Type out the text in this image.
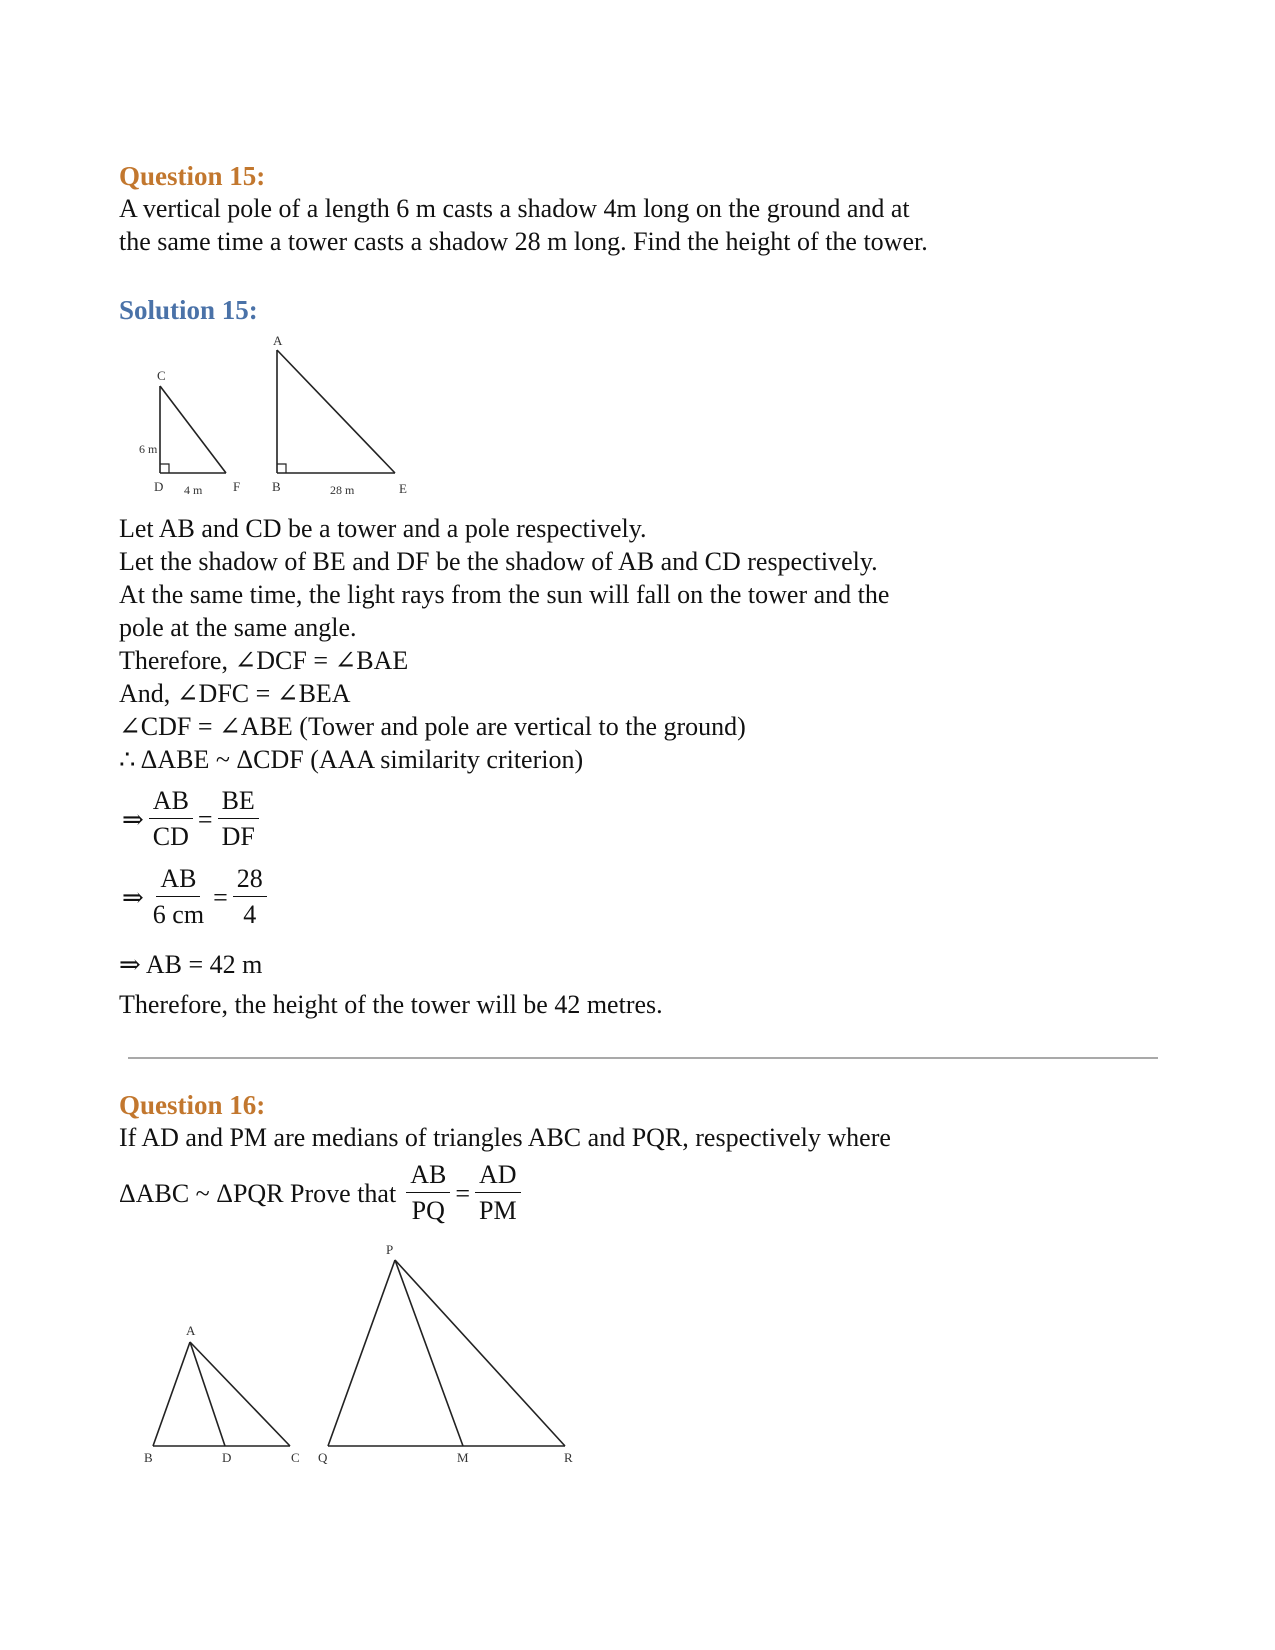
Question 15:

A vertical pole of a length 6 m casts a shadow 4m long on the ground and at
the same time a tower casts a shadow 28 m long. Find the height of the tower.

Solution 15:

C
D	F
6 m
4 m
A
B	E
28 m
Let AB and CD be a tower and a pole respectively.
Let the shadow of BE and DF be the shadow of AB and CD respectively.
At the same time, the light rays from the sun will fall on the tower and the
pole at the same angle.
Therefore, ∠DCF = ∠BAE
And, ∠DFC = ∠BEA
∠CDF = ∠ABE (Tower and pole are vertical to the ground)
∴ ΔABE ~ ΔCDF (AAA similarity criterion)
⇒ $\frac{AB}{CD} = \frac{BE}{DF}$
⇒ $\frac{AB}{6 cm} = \frac{28}{4}$
⇒ AB = 42 m
Therefore, the height of the tower will be 42 metres.

Question 16:

If AD and PM are medians of triangles ABC and PQR, respectively where
ΔABC ~ ΔPQR Prove that $\frac{AB}{PQ} = \frac{AD}{PM}$
A
B	D	C
P
Q	M	R
